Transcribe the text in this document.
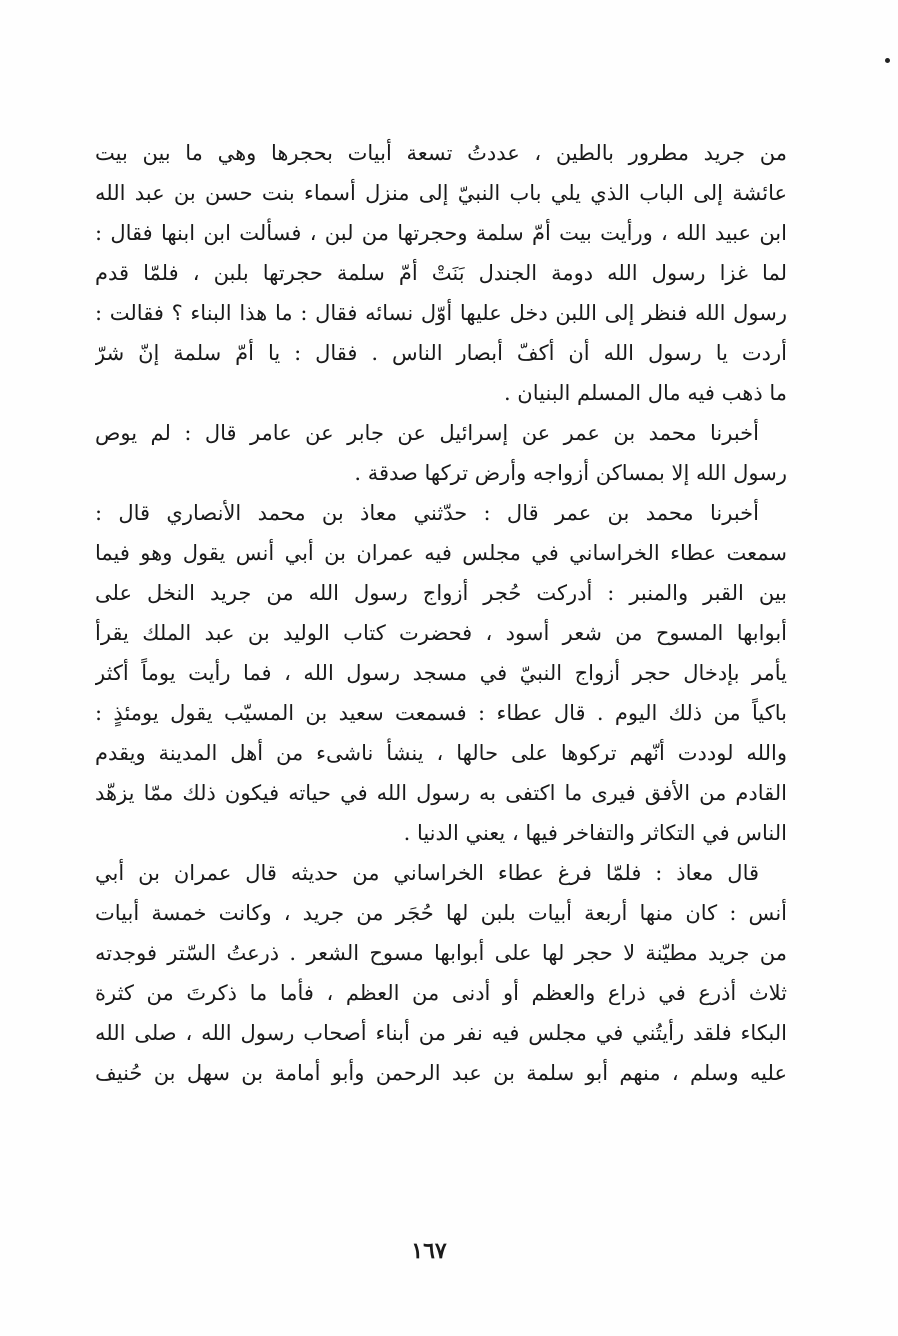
من جريد مطرور بالطين ، عددتُ تسعة أبيات بحجرها وهي ما بين بيت
عائشة إلى الباب الذي يلي باب النبيّ إلى منزل أسماء بنت حسن بن عبد الله
ابن عبيد الله ، ورأيت بيت أمّ سلمة وحجرتها من لبن ، فسألت ابن ابنها فقال :
لما غزا رسول الله دومة الجندل بَنَتْ أمّ سلمة حجرتها بلبن ، فلمّا قدم
رسول الله فنظر إلى اللبن دخل عليها أوّل نسائه فقال : ما هذا البناء ؟ فقالت :
أردت يا رسول الله أن أكفّ أبصار الناس . فقال : يا أمّ سلمة إنّ شرّ
ما ذهب فيه مال المسلم البنيان .
أخبرنا محمد بن عمر عن إسرائيل عن جابر عن عامر قال : لم يوص
رسول الله إلا بمساكن أزواجه وأرض تركها صدقة .
أخبرنا محمد بن عمر قال : حدّثني معاذ بن محمد الأنصاري قال :
سمعت عطاء الخراساني في مجلس فيه عمران بن أبي أنس يقول وهو فيما
بين القبر والمنبر : أدركت حُجر أزواج رسول الله من جريد النخل على
أبوابها المسوح من شعر أسود ، فحضرت كتاب الوليد بن عبد الملك يقرأ
يأمر بإدخال حجر أزواج النبيّ في مسجد رسول الله ، فما رأيت يوماً أكثر
باكياً من ذلك اليوم . قال عطاء : فسمعت سعيد بن المسيّب يقول يومئذٍ :
والله لوددت أنّهم تركوها على حالها ، ينشأ ناشىء من أهل المدينة ويقدم
القادم من الأفق فيرى ما اكتفى به رسول الله في حياته فيكون ذلك ممّا يزهّد
الناس في التكاثر والتفاخر فيها ، يعني الدنيا .
قال معاذ : فلمّا فرغ عطاء الخراساني من حديثه قال عمران بن أبي
أنس : كان منها أربعة أبيات بلبن لها حُجَر من جريد ، وكانت خمسة أبيات
من جريد مطيّنة لا حجر لها على أبوابها مسوح الشعر . ذرعتُ السّتر فوجدته
ثلاث أذرع في ذراع والعظم أو أدنى من العظم ، فأما ما ذكرتَ من كثرة
البكاء فلقد رأيتُني في مجلس فيه نفر من أبناء أصحاب رسول الله ، صلى الله
عليه وسلم ، منهم أبو سلمة بن عبد الرحمن وأبو أمامة بن سهل بن حُنيف
١٦٧
